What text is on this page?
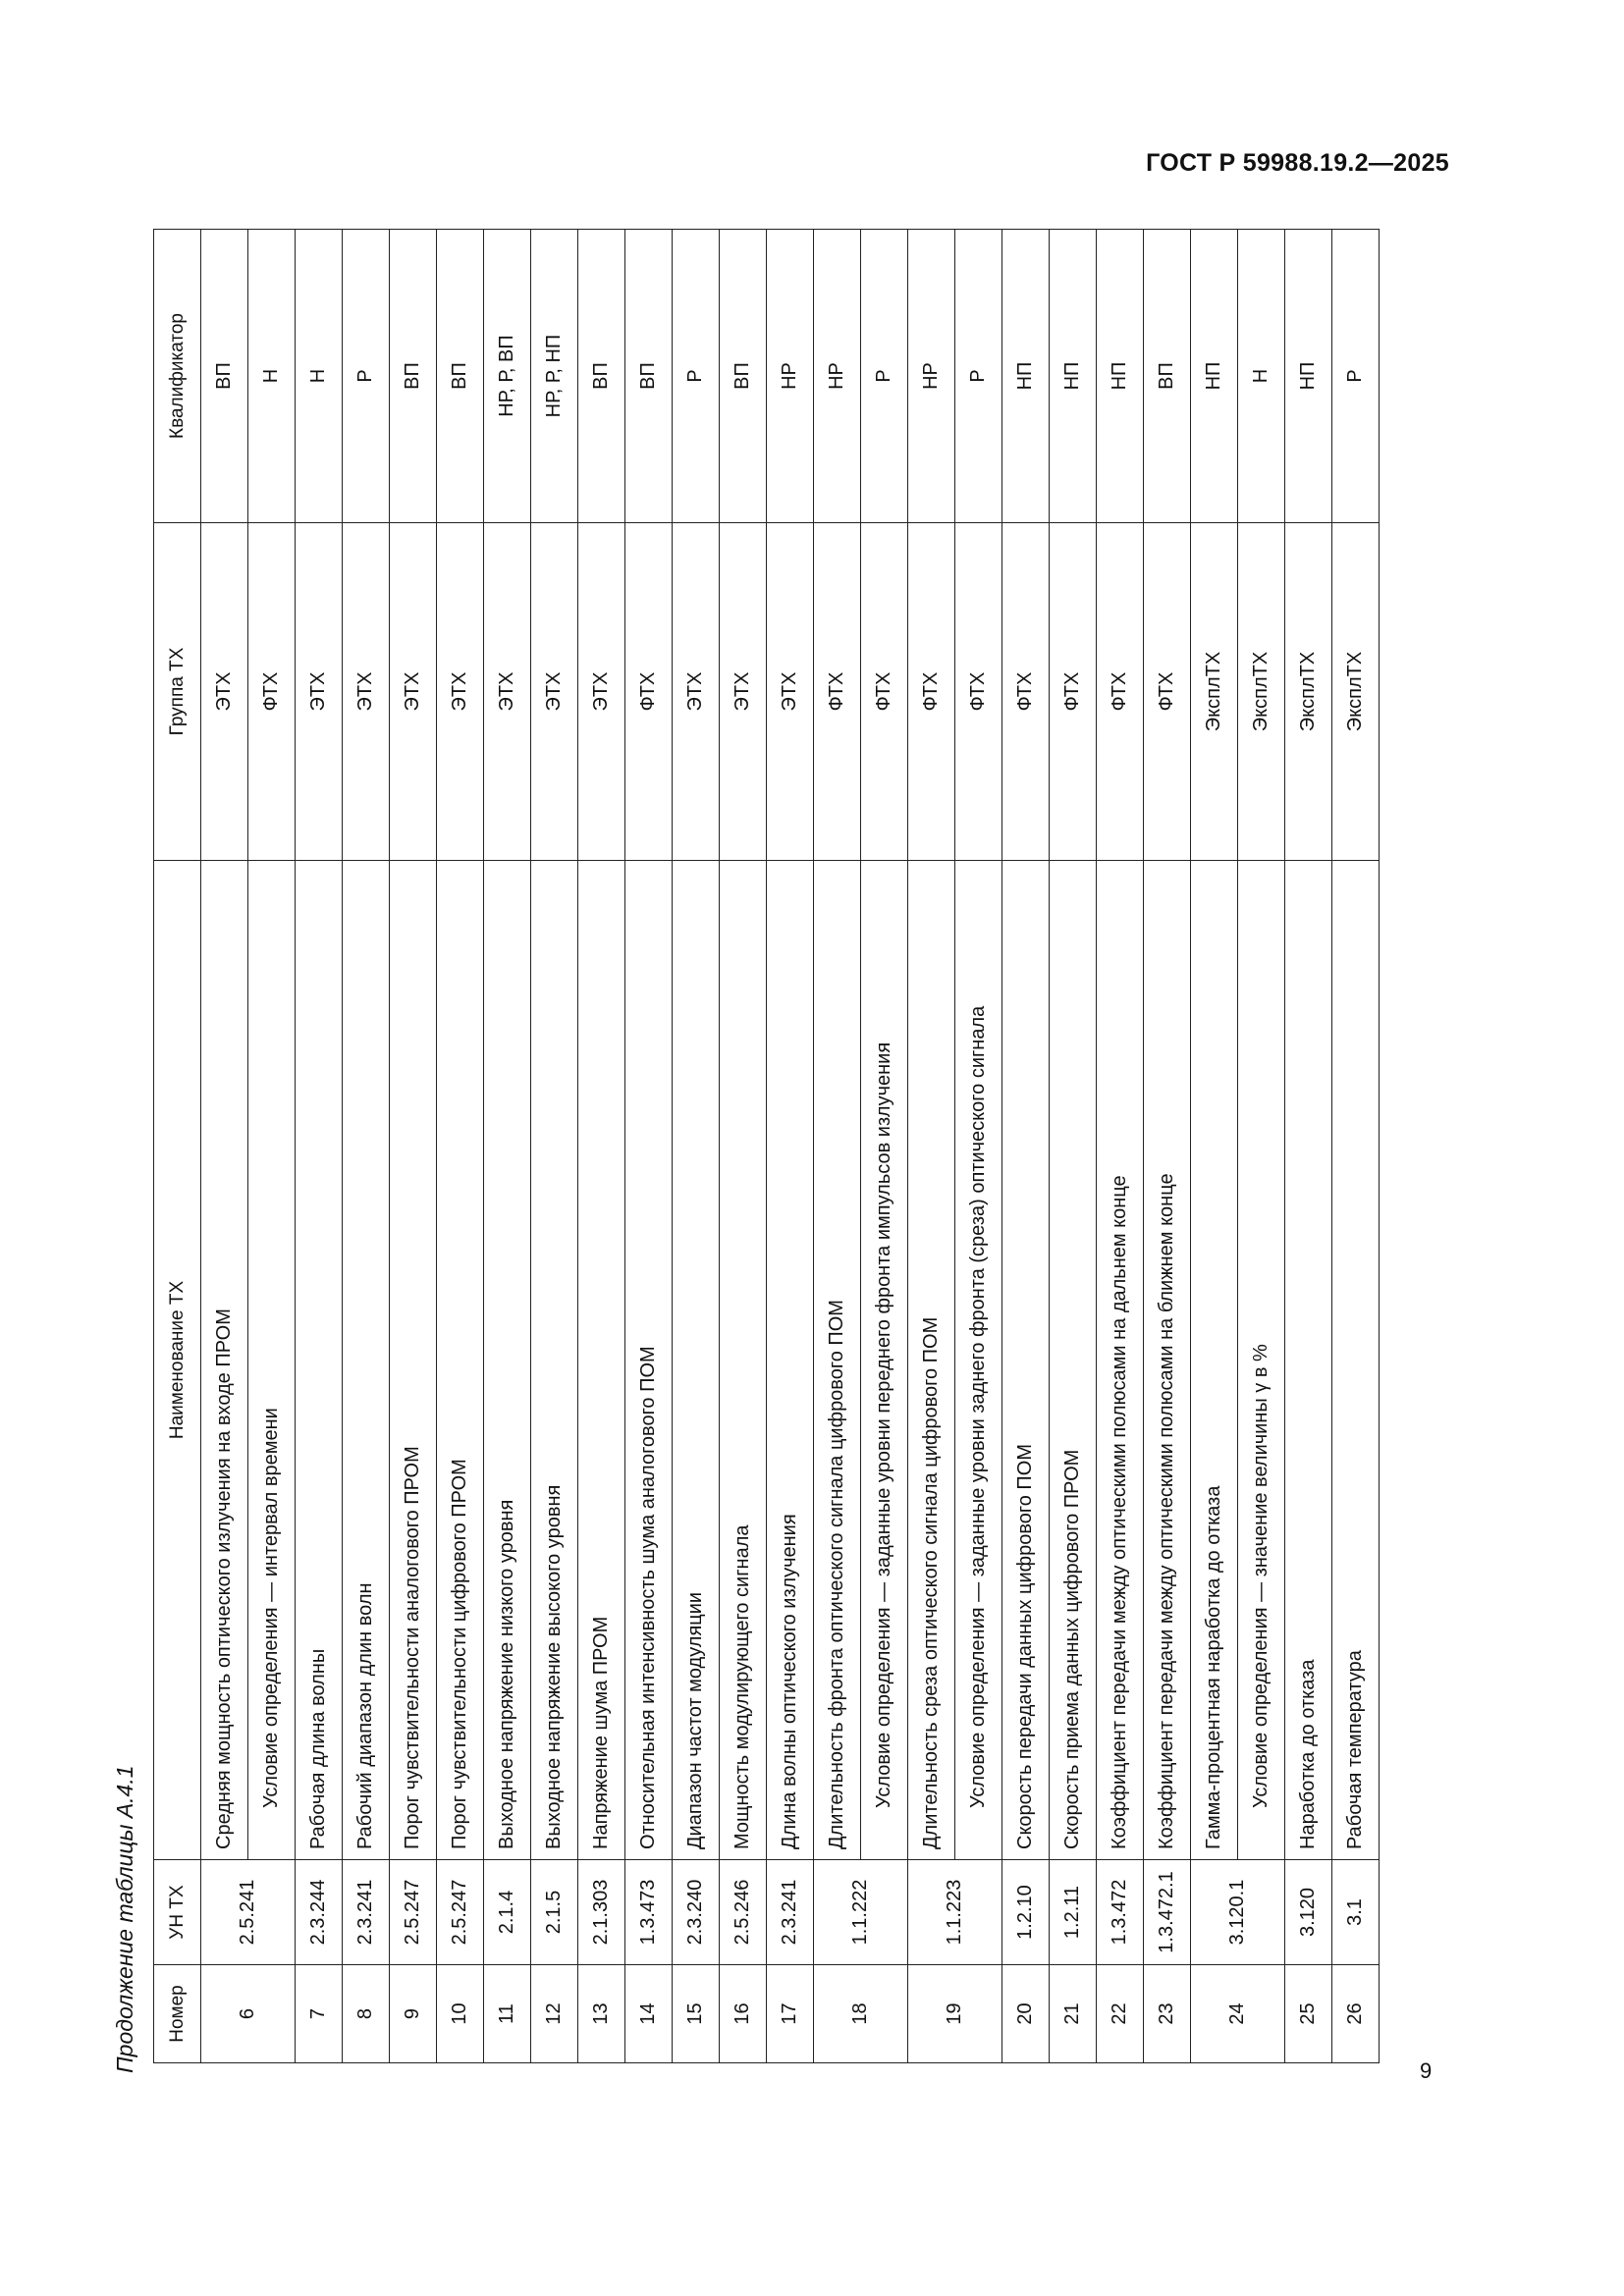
ГОСТ Р 59988.19.2—2025
Продолжение таблицы А.4.1 Номер	УН ТХ	Наименование ТХ	Группа ТХ	Квалификатор
6	2.5.241	Средняя мощность оптического излучения на входе ПРОМ	ЭТХ	ВП
		Условие определения — интервал времени	ФТХ	Н
7	2.3.244	Рабочая длина волны	ЭТХ	Н
8	2.3.241	Рабочий диапазон длин волн	ЭТХ	Р
9	2.5.247	Порог чувствительности аналогового ПРОМ	ЭТХ	ВП
10	2.5.247	Порог чувствительности цифрового ПРОМ	ЭТХ	ВП
11	2.1.4	Выходное напряжение низкого уровня	ЭТХ	НР, Р, ВП
12	2.1.5	Выходное напряжение высокого уровня	ЭТХ	НР, Р, НП
13	2.1.303	Напряжение шума ПРОМ	ЭТХ	ВП
14	1.3.473	Относительная интенсивность шума аналогового ПОМ	ФТХ	ВП
15	2.3.240	Диапазон частот модуляции	ЭТХ	Р
16	2.5.246	Мощность модулирующего сигнала	ЭТХ	ВП
17	2.3.241	Длина волны оптического излучения	ЭТХ	НР
18	1.1.222	Длительность фронта оптического сигнала цифрового ПОМ	ФТХ	НР
		Условие определения — заданные уровни переднего фронта импульсов излучения	ФТХ	Р
19	1.1.223	Длительность среза оптического сигнала цифрового ПОМ	ФТХ	НР
		Условие определения — заданные уровни заднего фронта (среза) оптического сигнала	ФТХ	Р
20	1.2.10	Скорость передачи данных цифрового ПОМ	ФТХ	НП
21	1.2.11	Скорость приема данных цифрового ПРОМ	ФТХ	НП
22	1.3.472	Коэффициент передачи между оптическими полюсами на дальнем конце	ФТХ	НП
23	1.3.472.1	Коэффициент передачи между оптическими полюсами на ближнем конце	ФТХ	ВП
24	3.120.1	Гамма-процентная наработка до отказа	ЭксплТХ	НП
		Условие определения — значение величины γ в %	ЭксплТХ	Н
25	3.120	Наработка до отказа	ЭксплТХ	НП
26	3.1	Рабочая температура	ЭксплТХ	Р
9
